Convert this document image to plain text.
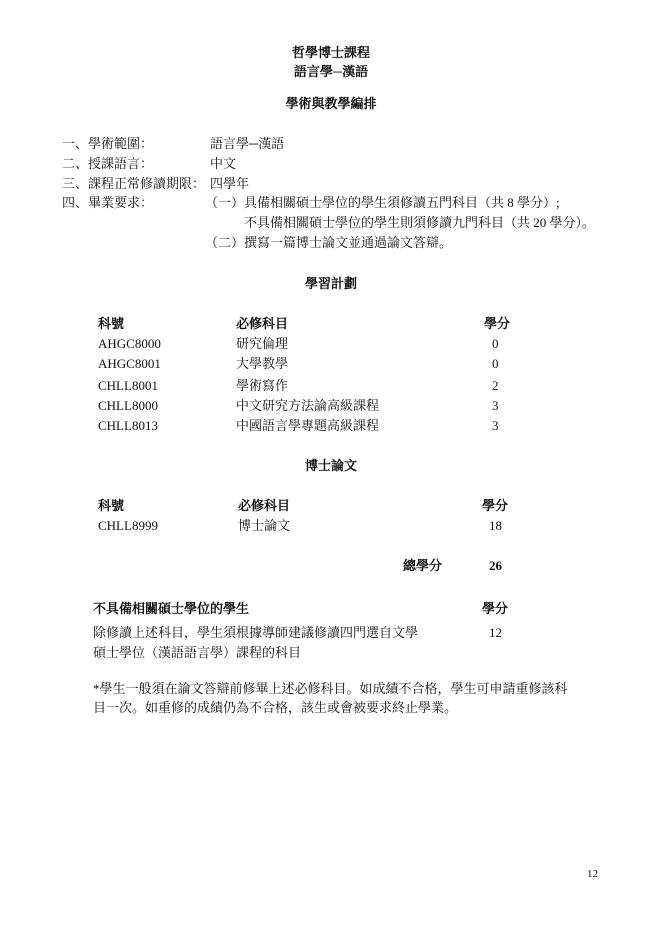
哲學博士課程
語言學─漢語
學術與教學編排
一、學術範圍：	語言學─漢語
二、授課語言：	中文
三、課程正常修讀期限： 四學年
四、畢業要求：	（一）具備相關碩士學位的學生須修讀五門科目（共 8 學分）;
不具備相關碩士學位的學生則須修讀九門科目（共 20 學分）。
（二）撰寫一篇博士論文並通過論文答辯。
學習計劃
科號	必修科目	學分
AHGC8000	研究倫理	0
AHGC8001	大學教學	0
CHLL8001	學術寫作	2
CHLL8000	中文研究方法論高級課程	3
CHLL8013	中國語言學專題高級課程	3
博士論文
科號	必修科目	學分
CHLL8999	博士論文	18
總學分	26
不具備相關碩士學位的學生	學分
除修讀上述科目，學生須根據導師建議修讀四門選自文學	12
碩士學位（漢語語言學）課程的科目
*學生一般須在論文答辯前修畢上述必修科目。如成績不合格，學生可申請重修該科
目一次。如重修的成績仍為不合格，該生或會被要求終止學業。
12
